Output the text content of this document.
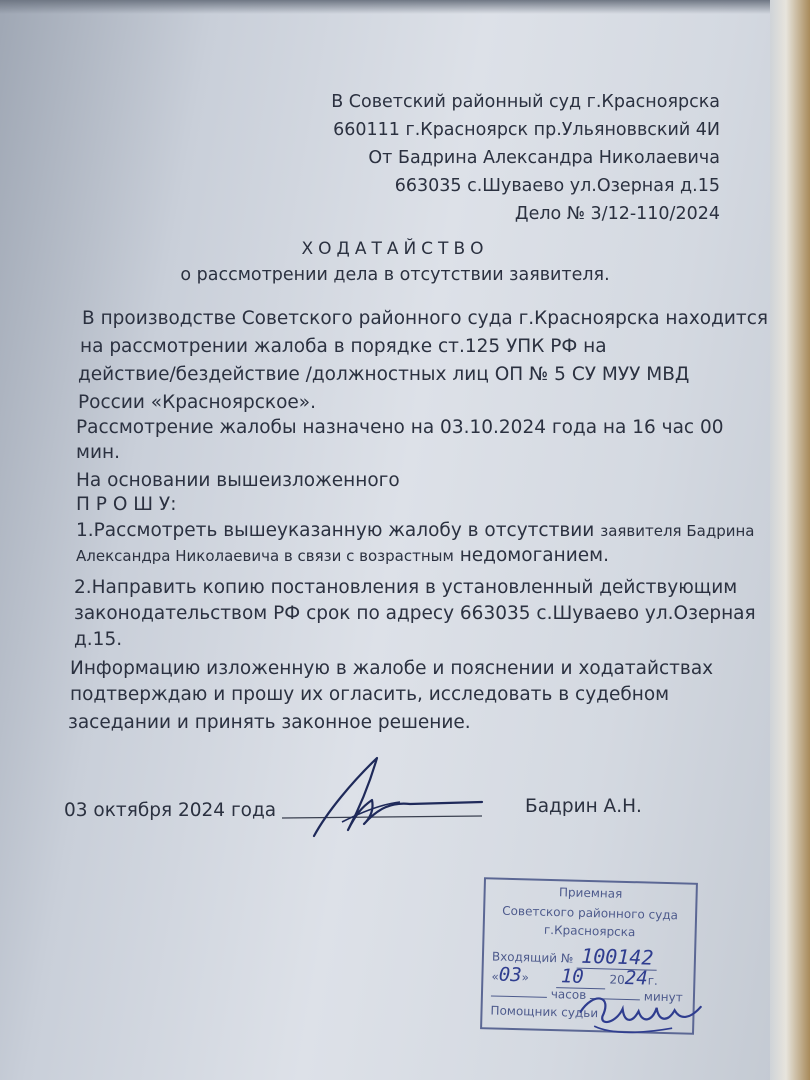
В Советский районный суд г.Красноярска
660111 г.Красноярск пр.Ульяноввский 4И
От Бадрина Александра Николаевича
663035 с.Шуваево ул.Озерная д.15
Дело № 3/12-110/2024
ХОДАТАЙСТВО
о рассмотрении дела в отсутствии заявителя.
В производстве Советского районного суда г.Красноярска находится
на рассмотрении жалоба в порядке ст.125 УПК РФ на
действие/бездействие /должностных лиц ОП № 5 СУ МУУ МВД
России «Красноярское».
Рассмотрение жалобы назначено на 03.10.2024 года на 16 час 00
мин.
На основании вышеизложенного
П Р О Ш У:
1.Рассмотреть вышеуказанную жалобу в отсутствии заявителя Бадрина
Александра Николаевича в связи с возрастным недомоганием.
2.Направить копию постановления в установленный действующим
законодательством РФ срок по адресу 663035 с.Шуваево ул.Озерная
д.15.
Информацию изложенную в жалобе и пояснении и ходатайствах
подтверждаю и прошу их огласить, исследовать в судебном
заседании и принять законное решение.
03 октября 2024 года	Бадрин А.Н.
Приемная
Советского районного суда
г.Красноярска
Входящий № 100142
«03» 10 2024г.
часов	минут
Помощник судьи
